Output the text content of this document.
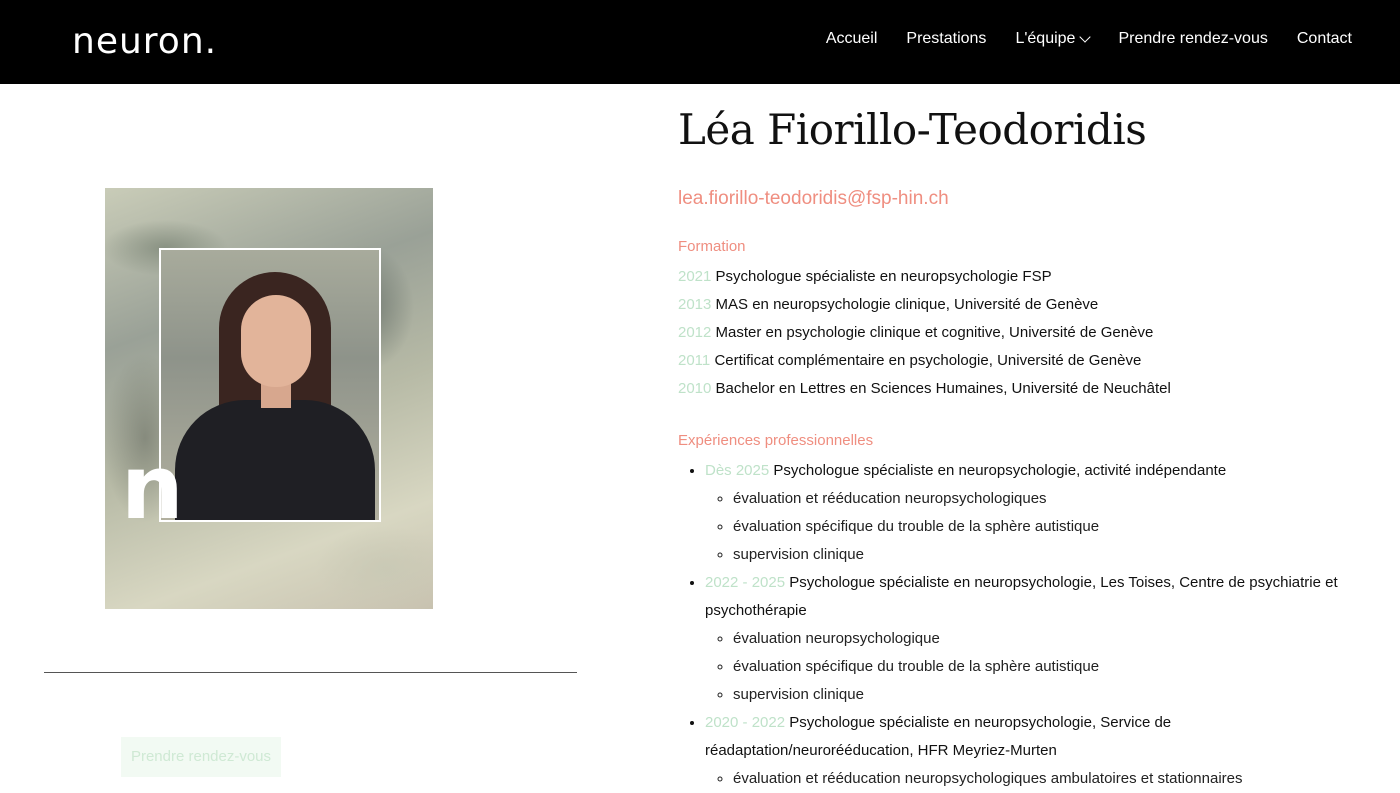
neuron.	Accueil Prestations L'équipe	Prendre rendez-vous Contact
n
Prendre rendez-vous
Léa Fiorillo-Teodoridis
lea.fiorillo-teodoridis@fsp-hin.ch
Formation
2021 Psychologue spécialiste en neuropsychologie FSP
2013 MAS en neuropsychologie clinique, Université de Genève
2012 Master en psychologie clinique et cognitive, Université de Genève
2011 Certificat complémentaire en psychologie, Université de Genève
2010 Bachelor en Lettres en Sciences Humaines, Université de Neuchâtel
Expériences professionnelles
• Dès 2025 Psychologue spécialiste en neuropsychologie, activité indépendante
◦ évaluation et rééducation neuropsychologiques
◦ évaluation spécifique du trouble de la sphère autistique
◦ supervision clinique
• 2022 - 2025 Psychologue spécialiste en neuropsychologie, Les Toises, Centre de psychiatrie et psychothérapie
◦ évaluation neuropsychologique
◦ évaluation spécifique du trouble de la sphère autistique
◦ supervision clinique
• 2020 - 2022 Psychologue spécialiste en neuropsychologie, Service de réadaptation/neurorééducation, HFR Meyriez-Murten
◦ évaluation et rééducation neuropsychologiques ambulatoires et stationnaires
